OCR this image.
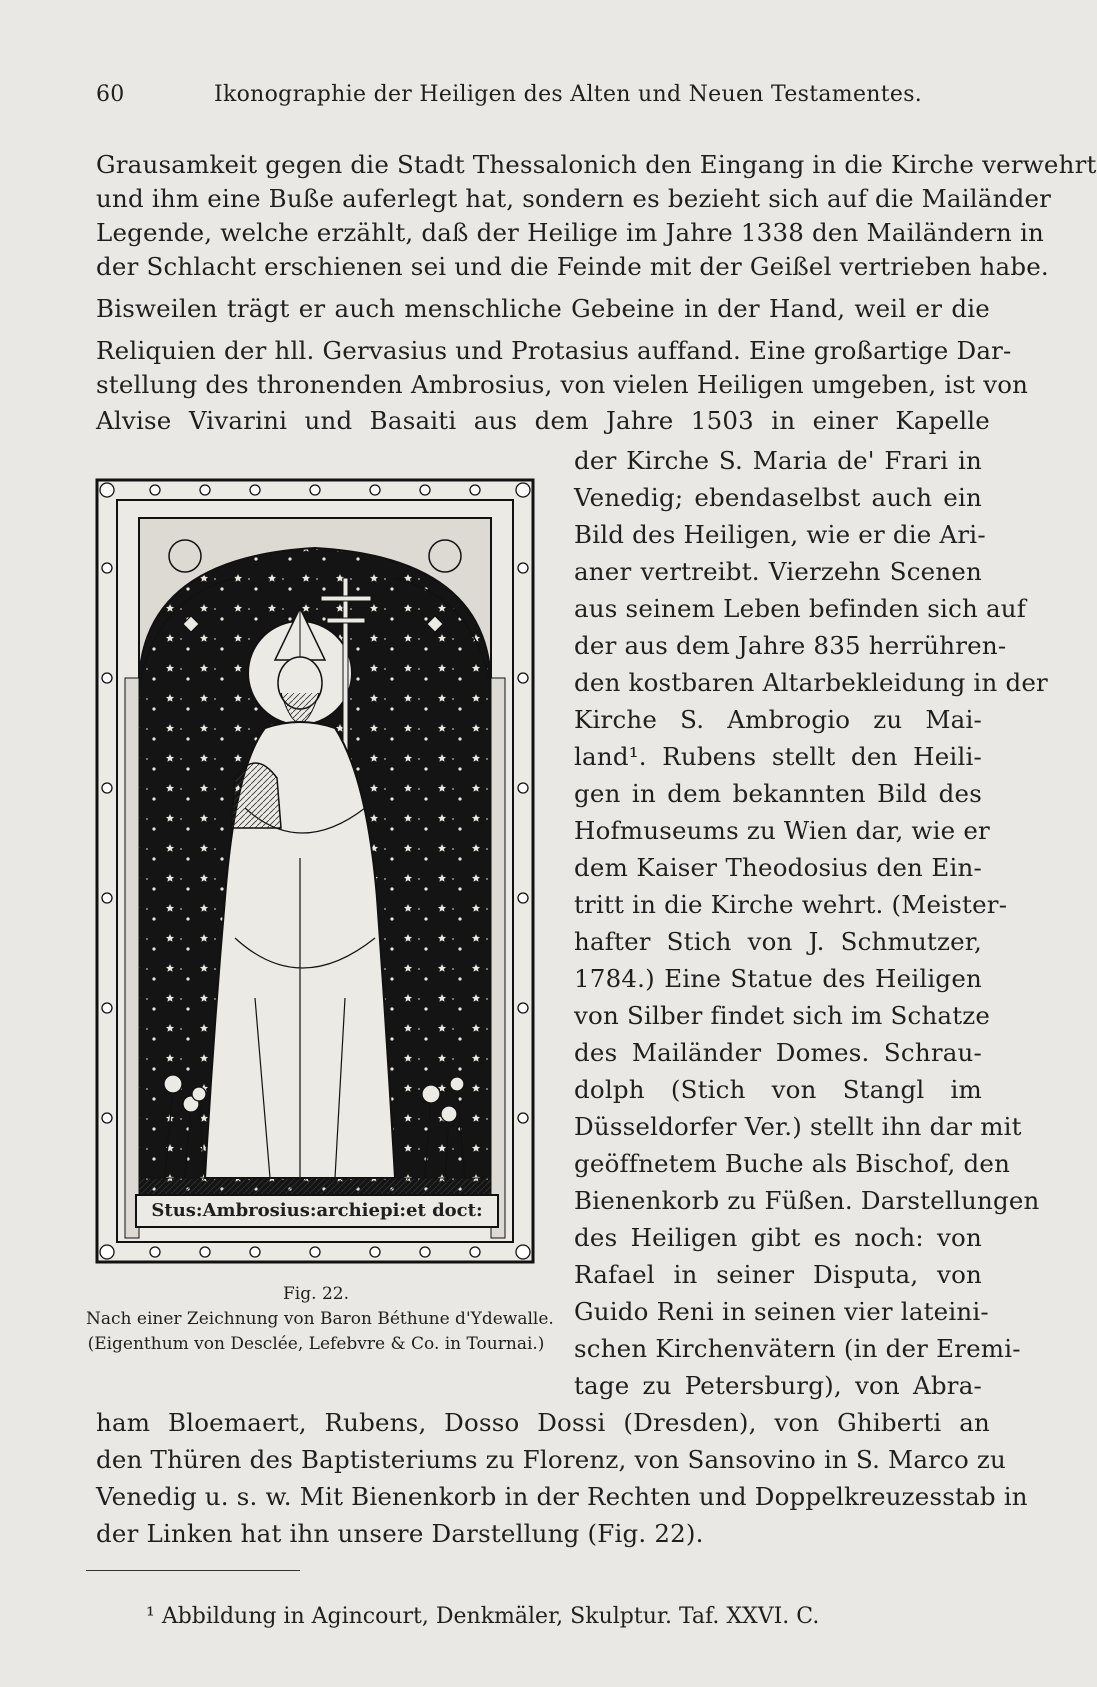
60	Ikonographie der Heiligen des Alten und Neuen Testamentes.
Grausamkeit gegen die Stadt Thessalonich den Eingang in die Kirche verwehrt
und ihm eine Buße auferlegt hat, sondern es bezieht sich auf die Mailänder
Legende, welche erzählt, daß der Heilige im Jahre 1338 den Mailändern in
der Schlacht erschienen sei und die Feinde mit der Geißel vertrieben habe.
Bisweilen trägt er auch menschliche Gebeine in der Hand, weil er die
Reliquien der hll. Gervasius und Protasius auffand. Eine großartige Dar-
stellung des thronenden Ambrosius, von vielen Heiligen umgeben, ist von
Alvise Vivarini und Basaiti aus dem Jahre 1503 in einer Kapelle
der Kirche S. Maria de' Frari in
Venedig; ebendaselbst auch ein
Bild des Heiligen, wie er die Ari-
aner vertreibt. Vierzehn Scenen
aus seinem Leben befinden sich auf
der aus dem Jahre 835 herrühren-
den kostbaren Altarbekleidung in der
Kirche S. Ambrogio zu Mai-
land¹. Rubens stellt den Heili-
gen in dem bekannten Bild des
Hofmuseums zu Wien dar, wie er
dem Kaiser Theodosius den Ein-
tritt in die Kirche wehrt. (Meister-
hafter Stich von J. Schmutzer,
1784.) Eine Statue des Heiligen
von Silber findet sich im Schatze
des Mailänder Domes. Schrau-
dolph (Stich von Stangl im
Düsseldorfer Ver.) stellt ihn dar mit
geöffnetem Buche als Bischof, den
Bienenkorb zu Füßen. Darstellungen
des Heiligen gibt es noch: von
Rafael in seiner Disputa, von
Guido Reni in seinen vier lateini-
schen Kirchenvätern (in der Eremi-
tage zu Petersburg), von Abra-
ham Bloemaert, Rubens, Dosso Dossi (Dresden), von Ghiberti an
den Thüren des Baptisteriums zu Florenz, von Sansovino in S. Marco zu
Venedig u. s. w. Mit Bienenkorb in der Rechten und Doppelkreuzesstab in
der Linken hat ihn unsere Darstellung (Fig. 22).
Stus:Ambrosius:archiepi:et doct:
Fig. 22.
Nach einer Zeichnung von Baron Béthune d'Ydewalle.
(Eigenthum von Desclée, Lefebvre & Co. in Tournai.)
¹ Abbildung in Agincourt, Denkmäler, Skulptur. Taf. XXVI. C.
